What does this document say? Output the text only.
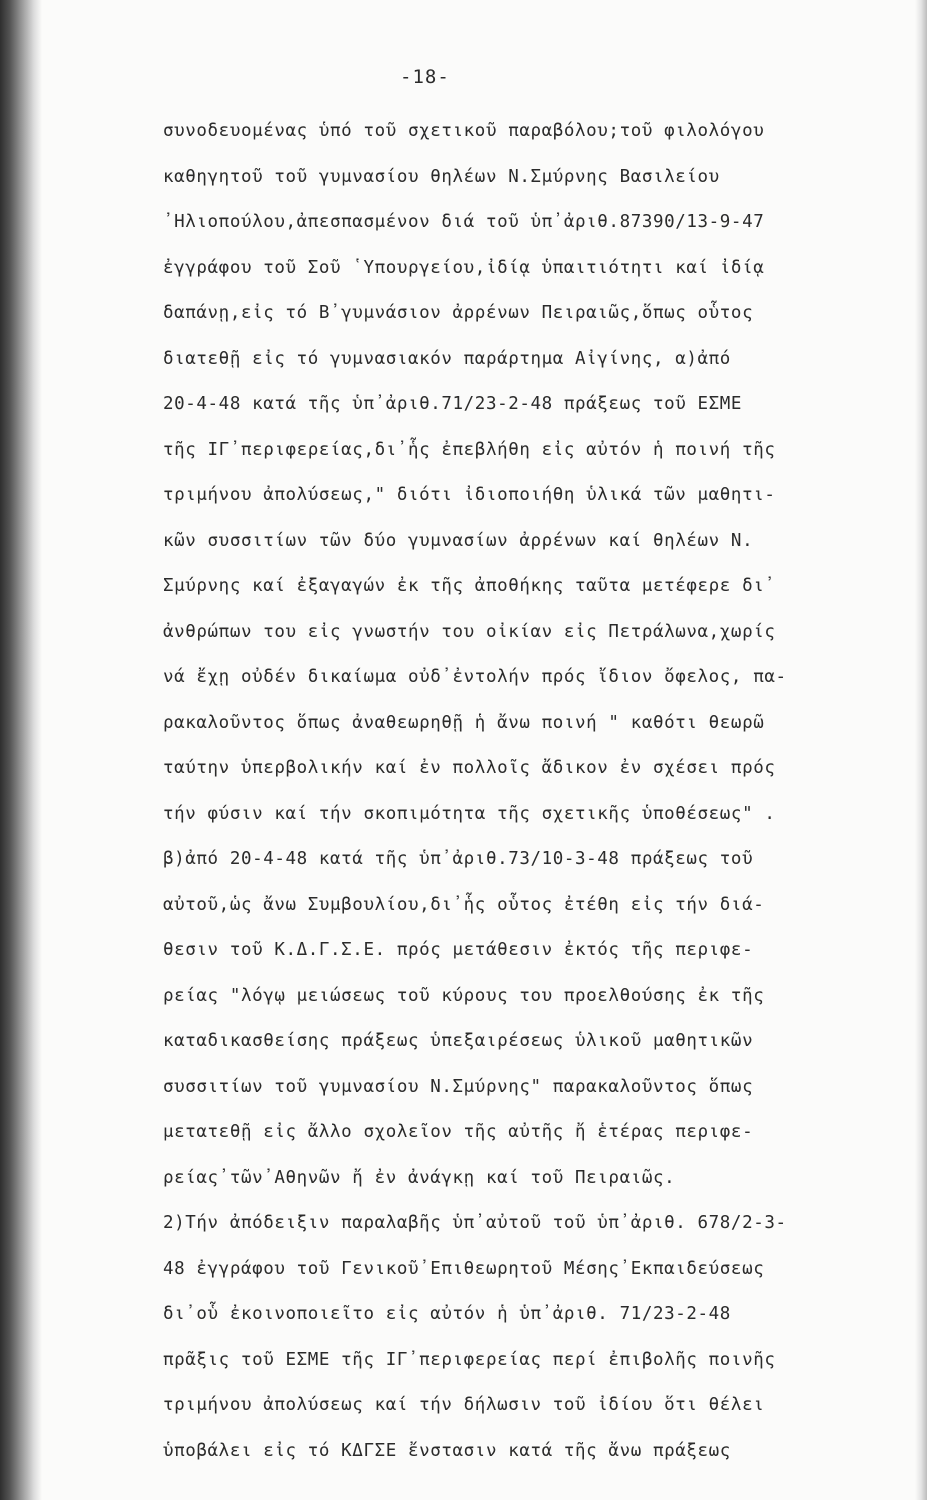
-18-
συνοδευομένας ὑπό τοῦ σχετικοῦ παραβόλου;τοῦ φιλολόγου
καθηγητοῦ τοῦ γυμνασίου θηλέων Ν.Σμύρνης Βασιλείου
᾽Ηλιοπούλου,ἀπεσπασμένον διά τοῦ ὑπ᾽ἀριθ.87390/13-9-47
ἐγγράφου τοῦ Σοῦ ῾Υπουργείου,ἰδίᾳ ὑπαιτιότητι καί ἰδίᾳ
δαπάνῃ,εἰς τό Β᾽γυμνάσιον ἀρρένων Πειραιῶς,ὅπως οὗτος
διατεθῇ εἰς τό γυμνασιακόν παράρτημα Αἰγίνης, α)ἀπό
20-4-48 κατά τῆς ὑπ᾽ἀριθ.71/23-2-48 πράξεως τοῦ ΕΣΜΕ
τῆς ΙΓ᾽περιφερείας,δι᾽ἧς ἐπεβλήθη εἰς αὐτόν ἡ ποινή τῆς
τριμήνου ἀπολύσεως," διότι ἰδιοποιήθη ὑλικά τῶν μαθητι-
κῶν συσσιτίων τῶν δύο γυμνασίων ἀρρένων καί θηλέων Ν.
Σμύρνης καί ἐξαγαγών ἐκ τῆς ἀποθήκης ταῦτα μετέφερε δι᾽
ἀνθρώπων του εἰς γνωστήν του οἰκίαν εἰς Πετράλωνα,χωρίς
νά ἔχῃ οὐδέν δικαίωμα οὐδ᾽ἐντολήν πρός ἴδιον ὄφελος, πα-
ρακαλοῦντος ὅπως ἀναθεωρηθῇ ἡ ἄνω ποινή " καθότι θεωρῶ
ταύτην ὑπερβολικήν καί ἐν πολλοῖς ἄδικον ἐν σχέσει πρός
τήν φύσιν καί τήν σκοπιμότητα τῆς σχετικῆς ὑποθέσεως" .
β)ἀπό 20-4-48 κατά τῆς ὑπ᾽ἀριθ.73/10-3-48 πράξεως τοῦ
αὐτοῦ,ὡς ἄνω Συμβουλίου,δι᾽ἧς οὗτος ἐτέθη εἰς τήν διά-
θεσιν τοῦ Κ.Δ.Γ.Σ.Ε. πρός μετάθεσιν ἐκτός τῆς περιφε-
ρείας "λόγῳ μειώσεως τοῦ κύρους του προελθούσης ἐκ τῆς
καταδικασθείσης πράξεως ὑπεξαιρέσεως ὑλικοῦ μαθητικῶν
συσσιτίων τοῦ γυμνασίου Ν.Σμύρνης" παρακαλοῦντος ὅπως
μετατεθῇ εἰς ἄλλο σχολεῖον τῆς αὐτῆς ἤ ἑτέρας περιφε-
ρείας᾽τῶν᾽Αθηνῶν ἤ ἐν ἀνάγκῃ καί τοῦ Πειραιῶς.
2)Τήν ἀπόδειξιν παραλαβῆς ὑπ᾽αὐτοῦ τοῦ ὑπ᾽ἀριθ. 678/2-3-
48 ἐγγράφου τοῦ Γενικοῦ᾽Επιθεωρητοῦ Μέσης᾽Εκπαιδεύσεως
δι᾽οὗ ἐκοινοποιεῖτο εἰς αὐτόν ἡ ὑπ᾽ἀριθ. 71/23-2-48
πρᾶξις τοῦ ΕΣΜΕ τῆς ΙΓ᾽περιφερείας περί ἐπιβολῆς ποινῆς
τριμήνου ἀπολύσεως καί τήν δήλωσιν τοῦ ἰδίου ὅτι θέλει
ὑποβάλει εἰς τό ΚΔΓΣΕ ἔνστασιν κατά τῆς ἄνω πράξεως
